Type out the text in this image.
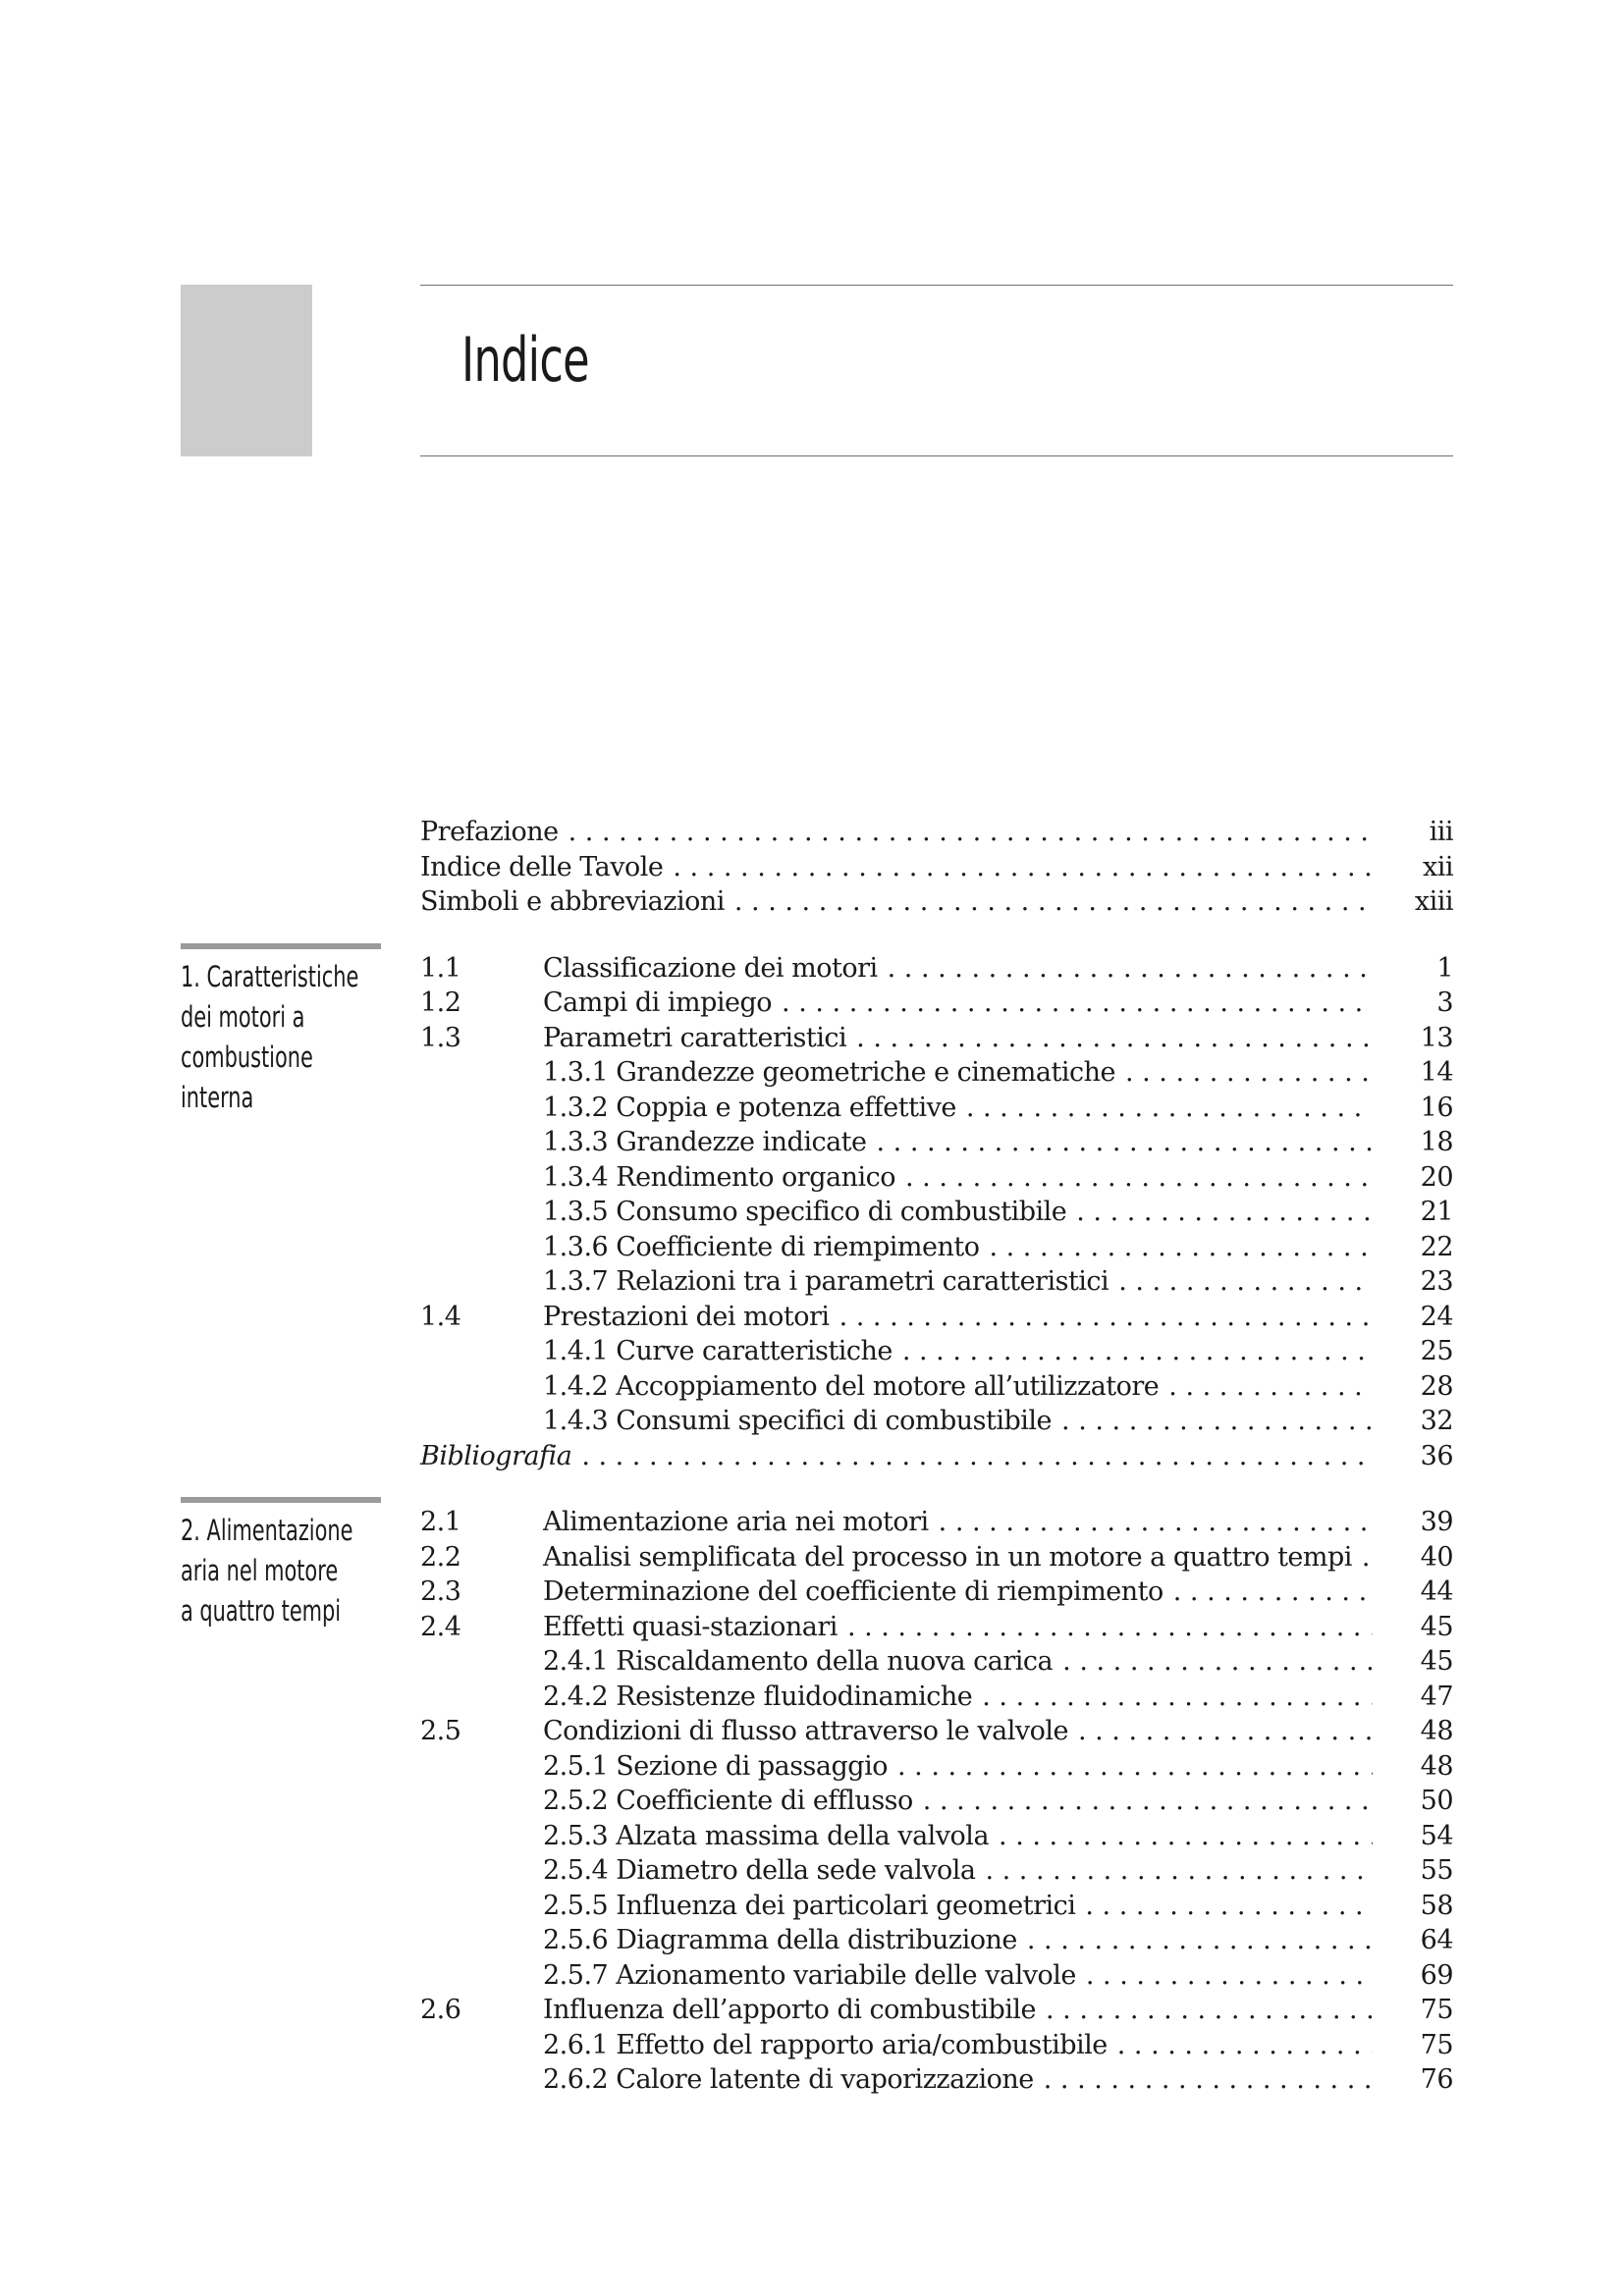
Indice
Prefazione . . .	iii
Indice delle Tavole . . .	xii
Simboli e abbreviazioni . . .	xiii
1. Caratteristiche
dei motori a
combustione
interna
1.1	Classificazione dei motori . . .	1
1.2	Campi di impiego . . .	3
1.3	Parametri caratteristici . . .	13
1.3.1 Grandezze geometriche e cinematiche . . .	14
1.3.2 Coppia e potenza effettive . . .	16
1.3.3 Grandezze indicate . . .	18
1.3.4 Rendimento organico . . .	20
1.3.5 Consumo specifico di combustibile . . .	21
1.3.6 Coefficiente di riempimento . . .	22
1.3.7 Relazioni tra i parametri caratteristici . . .	23
1.4	Prestazioni dei motori . . .	24
1.4.1 Curve caratteristiche . . .	25
1.4.2 Accoppiamento del motore all’utilizzatore . . .	28
1.4.3 Consumi specifici di combustibile . . .	32
Bibliografia . . .	36
2. Alimentazione
aria nel motore
a quattro tempi
2.1	Alimentazione aria nei motori . . .	39
2.2	Analisi semplificata del processo in un motore a quattro tempi . . .	40
2.3	Determinazione del coefficiente di riempimento . . .	44
2.4	Effetti quasi-stazionari . . .	45
2.4.1 Riscaldamento della nuova carica . . .	45
2.4.2 Resistenze fluidodinamiche . . .	47
2.5	Condizioni di flusso attraverso le valvole . . .	48
2.5.1 Sezione di passaggio . . .	48
2.5.2 Coefficiente di efflusso . . .	50
2.5.3 Alzata massima della valvola . . .	54
2.5.4 Diametro della sede valvola . . .	55
2.5.5 Influenza dei particolari geometrici . . .	58
2.5.6 Diagramma della distribuzione . . .	64
2.5.7 Azionamento variabile delle valvole . . .	69
2.6	Influenza dell’apporto di combustibile . . .	75
2.6.1 Effetto del rapporto aria/combustibile . . .	75
2.6.2 Calore latente di vaporizzazione . . .	76
